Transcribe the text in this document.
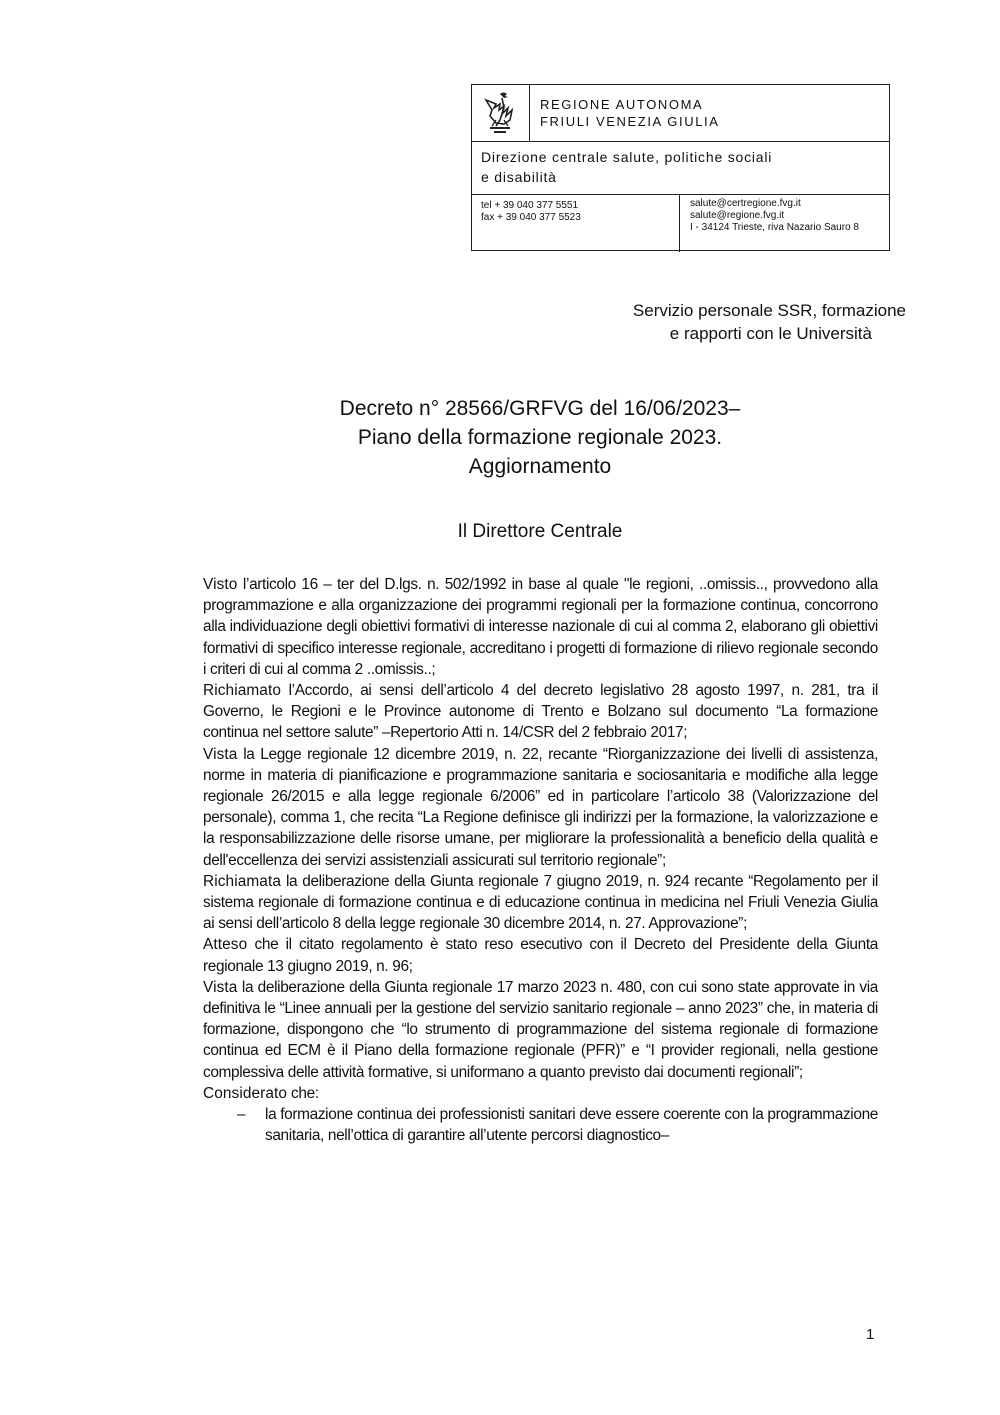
REGIONE AUTONOMA
FRIULI VENEZIA GIULIA
Direzione centrale salute, politiche sociali
e disabilità
tel + 39 040 377 5551
fax + 39 040 377 5523
salute@certregione.fvg.it
salute@regione.fvg.it
I - 34124 Trieste, riva Nazario Sauro 8
Servizio personale SSR, formazione
e rapporti con le Università
Decreto n° 28566/GRFVG del 16/06/2023–
Piano della formazione regionale 2023.
Aggiornamento
Il Direttore Centrale

Visto l’articolo 16 – ter del D.lgs. n. 502/1992 in base al quale "le regioni, ..omissis.., provvedono alla programmazione e alla organizzazione dei programmi regionali per la formazione continua, concorrono alla individuazione degli obiettivi formativi di interesse nazionale di cui al comma 2, elaborano gli obiettivi formativi di specifico interesse regionale, accreditano i progetti di formazione di rilievo regionale secondo i criteri di cui al comma 2 ..omissis..;

Richiamato l’Accordo, ai sensi dell’articolo 4 del decreto legislativo 28 agosto 1997, n. 281, tra il Governo, le Regioni e le Province autonome di Trento e Bolzano sul documento “La formazione continua nel settore salute” –Repertorio Atti n. 14/CSR del 2 febbraio 2017;

Vista la Legge regionale 12 dicembre 2019, n. 22, recante “Riorganizzazione dei livelli di assistenza, norme in materia di pianificazione e programmazione sanitaria e sociosanitaria e modifiche alla legge regionale 26/2015 e alla legge regionale 6/2006” ed in particolare l’articolo 38 (Valorizzazione del personale), comma 1, che recita “La Regione definisce gli indirizzi per la formazione, la valorizzazione e la responsabilizzazione delle risorse umane, per migliorare la professionalità a beneficio della qualità e dell'eccellenza dei servizi assistenziali assicurati sul territorio regionale”;

Richiamata la deliberazione della Giunta regionale 7 giugno 2019, n. 924 recante “Regolamento per il sistema regionale di formazione continua e di educazione continua in medicina nel Friuli Venezia Giulia ai sensi dell’articolo 8 della legge regionale 30 dicembre 2014, n. 27. Approvazione”;

Atteso che il citato regolamento è stato reso esecutivo con il Decreto del Presidente della Giunta regionale 13 giugno 2019, n. 96;

Vista la deliberazione della Giunta regionale 17 marzo 2023 n. 480, con cui sono state approvate in via definitiva le “Linee annuali per la gestione del servizio sanitario regionale – anno 2023” che, in materia di formazione, dispongono che “lo strumento di programmazione del sistema regionale di formazione continua ed ECM è il Piano della formazione regionale (PFR)” e “I provider regionali, nella gestione complessiva delle attività formative, si uniformano a quanto previsto dai documenti regionali”;

Considerato che:

– la formazione continua dei professionisti sanitari deve essere coerente con la programmazione sanitaria, nell’ottica di garantire all’utente percorsi diagnostico–

1
